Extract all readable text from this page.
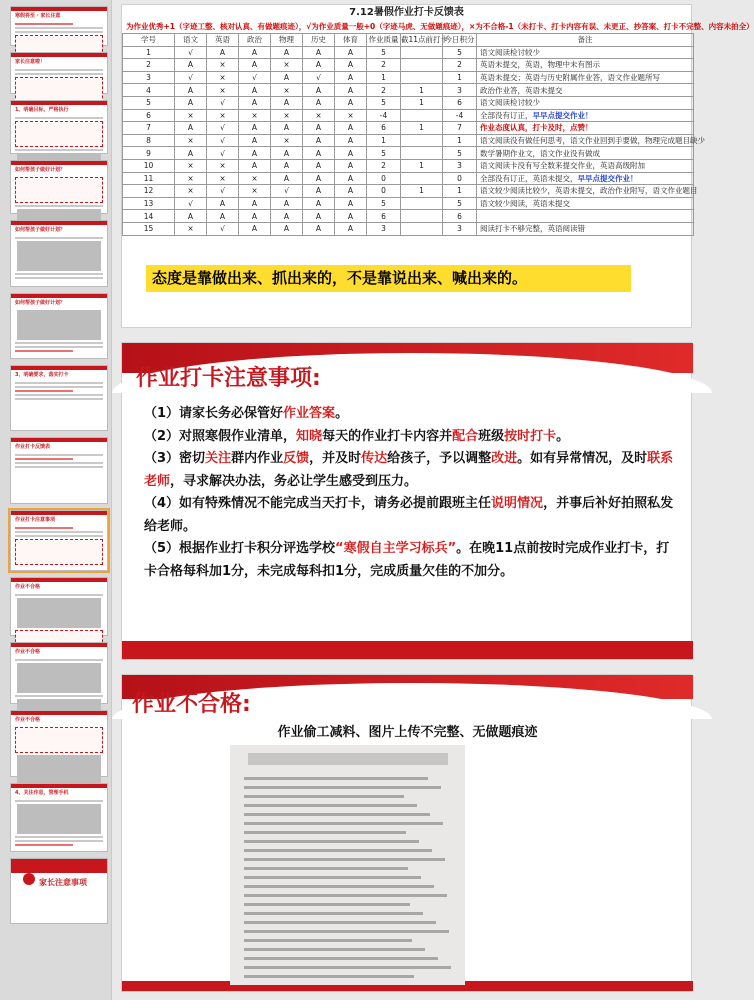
寒假将至 · 家长注意
家长注意啦！
1、明确目标，严格执行
如何帮孩子做好计划？
如何帮孩子做好计划？
如何帮孩子做好计划？
3、明确要求，落实打卡
作业打卡反馈表
作业打卡注意事项
作业不合格
作业不合格
作业不合格
4、关注作息，管理手机
家长注意事项
7.12暑假作业打卡反馈表
为作业优秀+1（字迹工整、核对认真、有做题痕迹），√为作业质量一般+0（字迹马虎、无做题痕迹），×为不合格-1（未打卡、打卡内容有误、未更正、抄答案、打卡不完整、内容未拍全）
学号	语文	英语	政治	物理	历史	体育	作业质量	截11点前打卡	今日积分	备注
1	√	A	A	A	A	A	5		5	语文阅读检讨较少
2	A	×	A	×	A	A	2		2	英语未提交，英语，物理中未有图示
3	√	×	√	A	√	A	1		1	英语未提交；英语与历史附属作业答，语文作业题所写
4	A	×	A	×	A	A	2	1	3	政治作业答，英语未提交
5	A	√	A	A	A	A	5	1	6	语文阅读检讨较少
6	×	×	×	×	×	×	-4		-4	全部没有订正，早早点提交作业！
7	A	√	A	A	A	A	6	1	7	作业态度认真，打卡及时，点赞！
8	×	√	A	×	A	A	1		1	语文阅读没有做任何思考，语文作业回到手要做，物理完成题目缺少
9	A	√	A	A	A	A	5		5	数学暑期作业文，语文作业没有做成
10	×	×	A	A	A	A	2	1	3	语文阅读卡没有写全数来提交作业，英语高级附加
11	×	×	×	A	A	A	0		0	全部没有订正，英语未提交，早早点提交作业！
12	×	√	×	√	A	A	0	1	1	语文较少阅读比较少，英语未提交，政治作业附写，语文作业题目
13	√	A	A	A	A	A	5		5	语文较少阅读，英语未提交
14	A	A	A	A	A	A	6		6	
15	×	√	A	A	A	A	3		3	阅读打卡不够完整，英语阅读错
态度是靠做出来、抓出来的，不是靠说出来、喊出来的。
作业打卡注意事项:
（1）请家长务必保管好作业答案。
（2）对照寒假作业清单，知晓每天的作业打卡内容并配合班级按时打卡。
（3）密切关注群内作业反馈，并及时传达给孩子，予以调整改进。如有异常情况，及时联系老师，寻求解决办法，务必让学生感受到压力。
（4）如有特殊情况不能完成当天打卡，请务必提前跟班主任说明情况，并事后补好拍照私发给老师。
（5）根据作业打卡积分评选学校“寒假自主学习标兵”。在晚11点前按时完成作业打卡，打卡合格每科加1分，未完成每科扣1分，完成质量欠佳的不加分。
作业不合格:
作业偷工减料、图片上传不完整、无做题痕迹
